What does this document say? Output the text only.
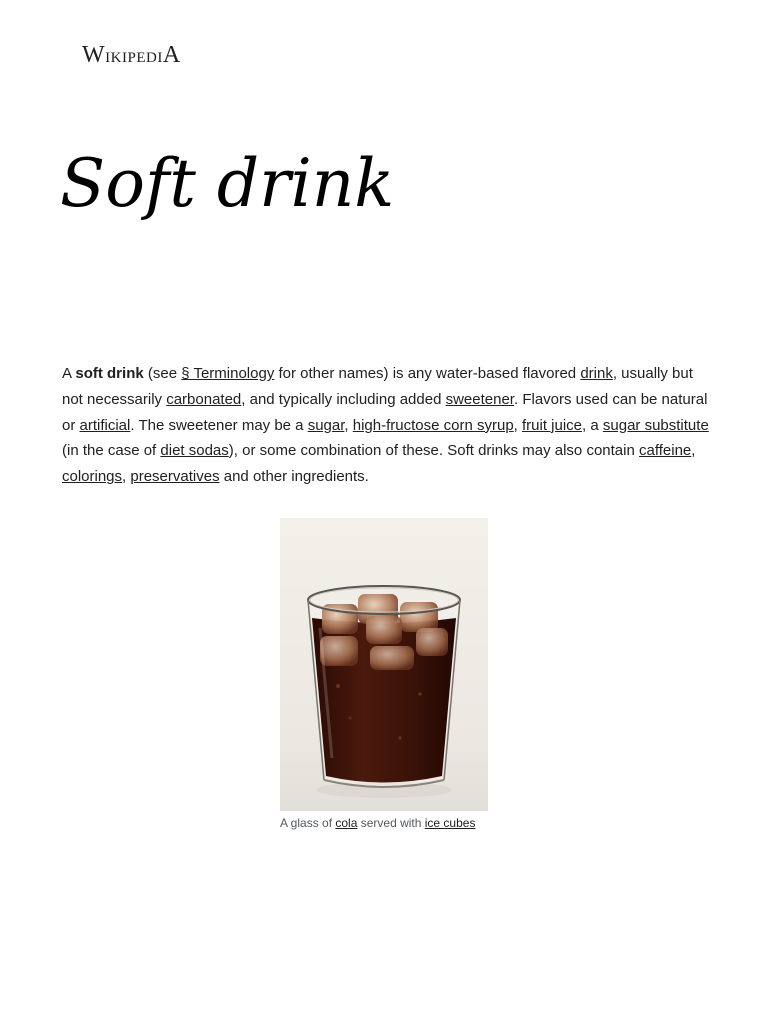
WikipediA
Soft drink

A soft drink (see § Terminology for other names) is any water-based flavored drink, usually but not necessarily carbonated, and typically including added sweetener. Flavors used can be natural or artificial. The sweetener may be a sugar, high-fructose corn syrup, fruit juice, a sugar substitute (in the case of diet sodas), or some combination of these. Soft drinks may also contain caffeine, colorings, preservatives and other ingredients.

A glass of cola served with ice cubes
